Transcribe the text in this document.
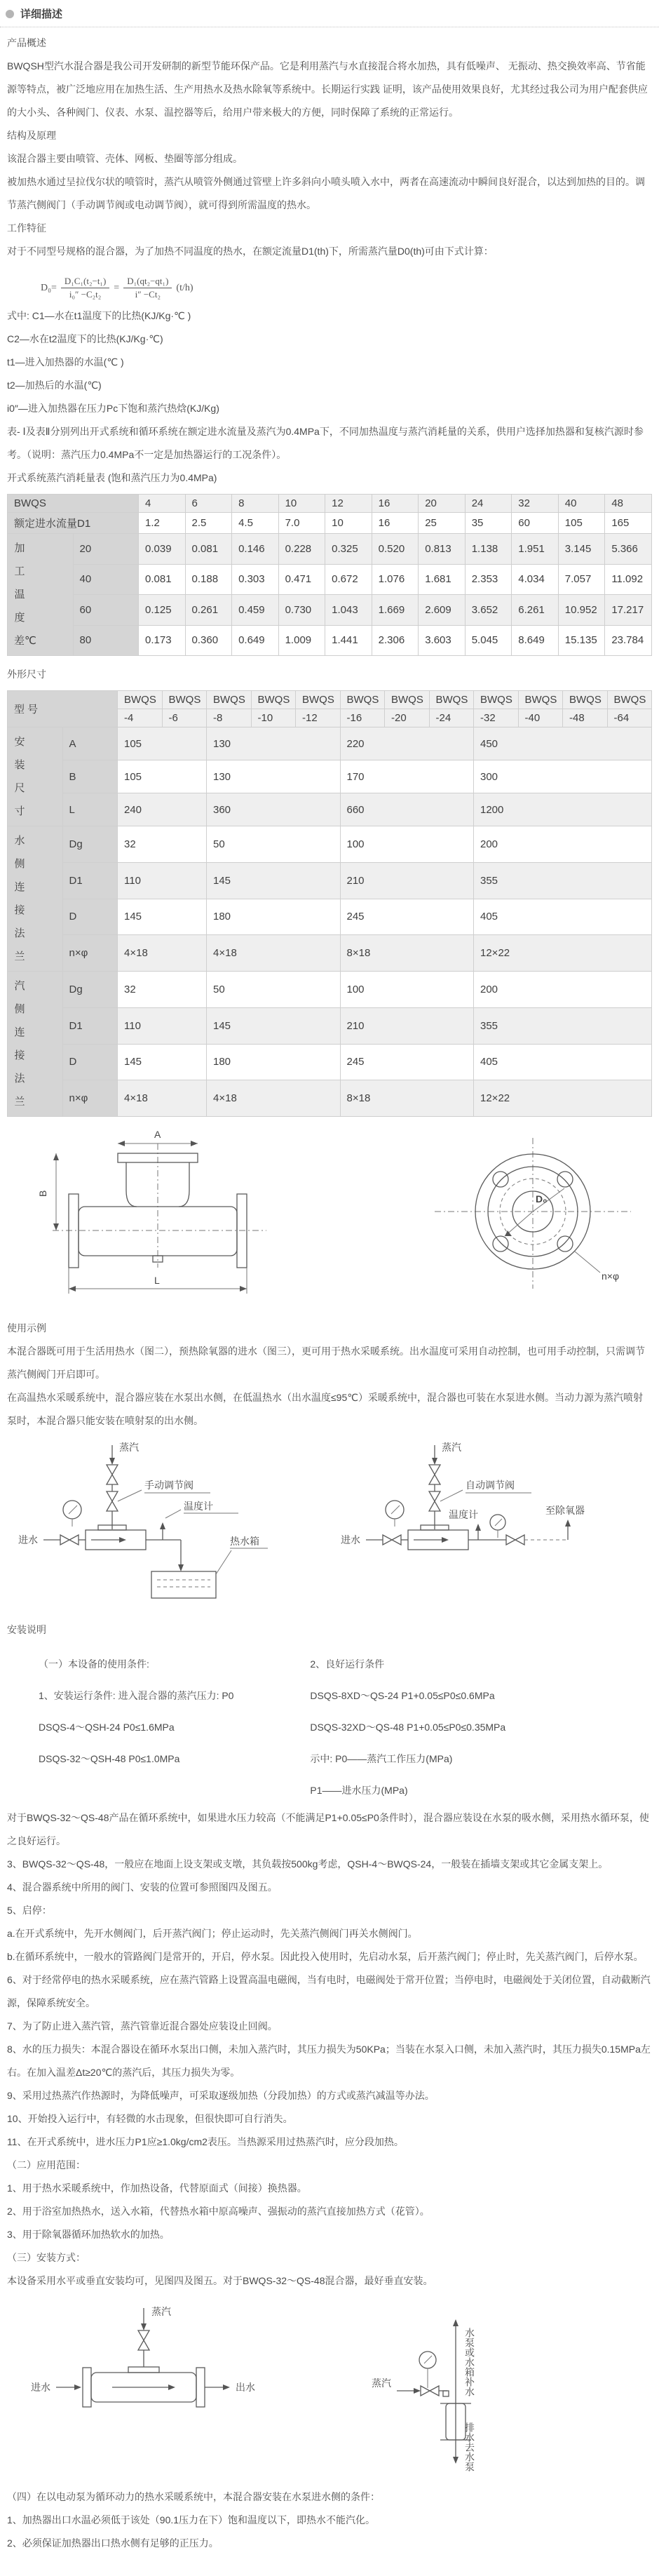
详细描述

产品概述

BWQSH型汽水混合器是我公司开发研制的新型节能环保产品。它是利用蒸汽与水直接混合将水加热，具有低噪声、 无振动、热交换效率高、节省能源等特点，被广泛地应用在加热生活、生产用热水及热水除氧等系统中。长期运行实践 证明，该产品使用效果良好，尤其经过我公司为用户配套供应的大小头、各种阀门、仪表、水泵、温控器等后，给用户带来极大的方便，同时保障了系统的正常运行。

结构及原理

该混合器主要由喷管、壳体、网板、垫圈等部分组成。

被加热水通过呈拉伐尔状的喷管时，蒸汽从喷管外侧通过管壁上许多斜向小喷头喷入水中，两者在高速流动中瞬间良好混合，以达到加热的目的。调节蒸汽侧阀门（手动调节阀或电动调节阀），就可得到所需温度的热水。

工作特征

对于不同型号规格的混合器，为了加热不同温度的热水，在额定流量D1(th)下，所需蒸汽量D0(th)可由下式计算：

$D_0= \frac{\text{D₁C₁(t₂−t₁)}}{\text{i₀″ −C₂t₂}} = \frac{\text{D₁(qt₂−qt₁)}}{\text{i″ −Ct₂}} (t/h)$

式中: C1—水在t1温度下的比热(KJ/Kg·℃ )

C2—水在t2温度下的比热(KJ/Kg·℃)

t1—进入加热器的水温(℃ )

t2—加热后的水温(℃)

i0″—进入加热器在压力Pc下饱和蒸汽热焓(KJ/Kg)

表- Ⅰ及表Ⅱ分别列出开式系统和循环系统在额定进水流量及蒸汽为0.4MPa下，不同加热温度与蒸汽消耗量的关系，供用户选择加热器和复核汽源时参考。（说明：蒸汽压力0.4MPa不一定是加热器运行的工况条件）。

开式系统蒸汽消耗量表 (饱和蒸汽压力为0.4MPa)

BWQS		4	6	8	10	12	16	20	24	32	40	48
额定进水流量D1		1.2	2.5	4.5	7.0	10	16	25	35	60	105	165

加工温度差℃	20	0.039	0.081	0.146	0.228	0.325	0.520	0.813	1.138	1.951	3.145	5.366
	40	0.081	0.188	0.303	0.471	0.672	1.076	1.681	2.353	4.034	7.057	11.092
	60	0.125	0.261	0.459	0.730	1.043	1.669	2.609	3.652	6.261	10.952	17.217
	80	0.173	0.360	0.649	1.009	1.441	2.306	3.603	5.045	8.649	15.135	23.784

外形尺寸

型 号		BWQS	BWQS	BWQS	BWQS	BWQS	BWQS	BWQS	BWQS	BWQS	BWQS	BWQS	BWQS
		-4	-6	-8	-10	-12	-16	-20	-24	-32	-40	-48	-64

安装尺寸	A	105		130			220			450			
	B	105		130			170			300			
	L	240		360			660			1200			

水侧连接法兰	Dg	32		50			100			200			
	D1	110		145			210			355			
	D	145		180			245			405			
	n×φ	4×18		4×18			8×18			12×22			

汽侧连接法兰	Dg	32		50			100			200			
	D1	110		145			210			355			
	D	145		180			245			405			
	n×φ	4×18		4×18			8×18			12×22			
B
A
L
D₀
n×φ

使用示例

本混合器既可用于生活用热水（图二），预热除氧器的进水（图三），更可用于热水采暖系统。出水温度可采用自动控制，也可用手动控制，只需调节蒸汽侧阀门开启即可。

在高温热水采暖系统中，混合器应装在水泵出水侧，在低温热水（出水温度≤95℃）采暖系统中，混合器也可装在水泵进水侧。当动力源为蒸汽喷射泵时，本混合器只能安装在喷射泵的出水侧。

蒸汽
手动调节阀
进水
温度计
热水箱
蒸汽
自动调节阀
进水
温度计	至除氧器

安装说明

（一）本设备的使用条件:

1、安装运行条件: 进入混合器的蒸汽压力: P0

DSQS-4～QSH-24 P0≤1.6MPa

DSQS-32～QSH-48 P0≤1.0MPa

2、良好运行条件

DSQS-8XD～QS-24 P1+0.05≤P0≤0.6MPa

DSQS-32XD～QS-48 P1+0.05≤P0≤0.35MPa

示中: P0——蒸汽工作压力(MPa)

P1——进水压力(MPa)

对于BWQS-32～QS-48产品在循环系统中，如果进水压力较高（不能满足P1+0.05≤P0条件时），混合器应装设在水泵的吸水侧，采用热水循环泵，使之良好运行。

3、BWQS-32～QS-48，一般应在地面上设支架或支墩，其负载按500kg考虑，QSH-4～BWQS-24，一般装在插墙支架或其它金属支架上。

4、混合器系统中所用的阀门、安装的位置可参照图四及图五。

5、启停：

a.在开式系统中，先开水侧阀门，后开蒸汽阀门；停止运动时，先关蒸汽侧阀门再关水侧阀门。

b.在循环系统中，一般水的管路阀门是常开的，开启，停水泵。因此投入使用时，先启动水泵，后开蒸汽阀门；停止时，先关蒸汽阀门，后停水泵。

6、对于经常停电的热水采暖系统，应在蒸汽管路上设置高温电磁阀，当有电时，电磁阀处于常开位置；当停电时，电磁阀处于关闭位置，自动截断汽源，保障系统安全。

7、为了防止进入蒸汽管，蒸汽管靠近混合器处应装设止回阀。

8、水的压力损失：本混合器设在循环水泵出口侧，未加入蒸汽时，其压力损失为50KPa；当装在水泵入口侧，未加入蒸汽时，其压力损失0.15MPa左右。在加入温差Δt≥20℃的蒸汽后，其压力损失为零。

9、采用过热蒸汽作热源时，为降低噪声，可采取逐级加热（分段加热）的方式或蒸汽减温等办法。

10、开始投入运行中，有轻微的水击现象，但很快即可自行消失。

11、在开式系统中，进水压力P1应≥1.0kg/cm2表压。当热源采用过热蒸汽时，应分段加热。

（二）应用范围：

1、用于热水采暖系统中，作加热设备，代替原面式（间接）换热器。

2、用于浴室加热热水，送入水箱，代替热水箱中原高噪声、强振动的蒸汽直接加热方式（花管）。

3、用于除氧器循环加热软水的加热。

（三）安装方式：

本设备采用水平或垂直安装均可，见图四及图五。对于BWQS-32～QS-48混合器，最好垂直安装。

蒸汽
进水	出水	水泵或水箱补水
蒸汽
排水去水泵

（四）在以电动泵为循环动力的热水采暖系统中，本混合器安装在水泵进水侧的条件：

1、加热器出口水温必须低于该处（90.1压力在下）饱和温度以下，即热水不能汽化。

2、必须保证加热器出口热水侧有足够的正压力。
